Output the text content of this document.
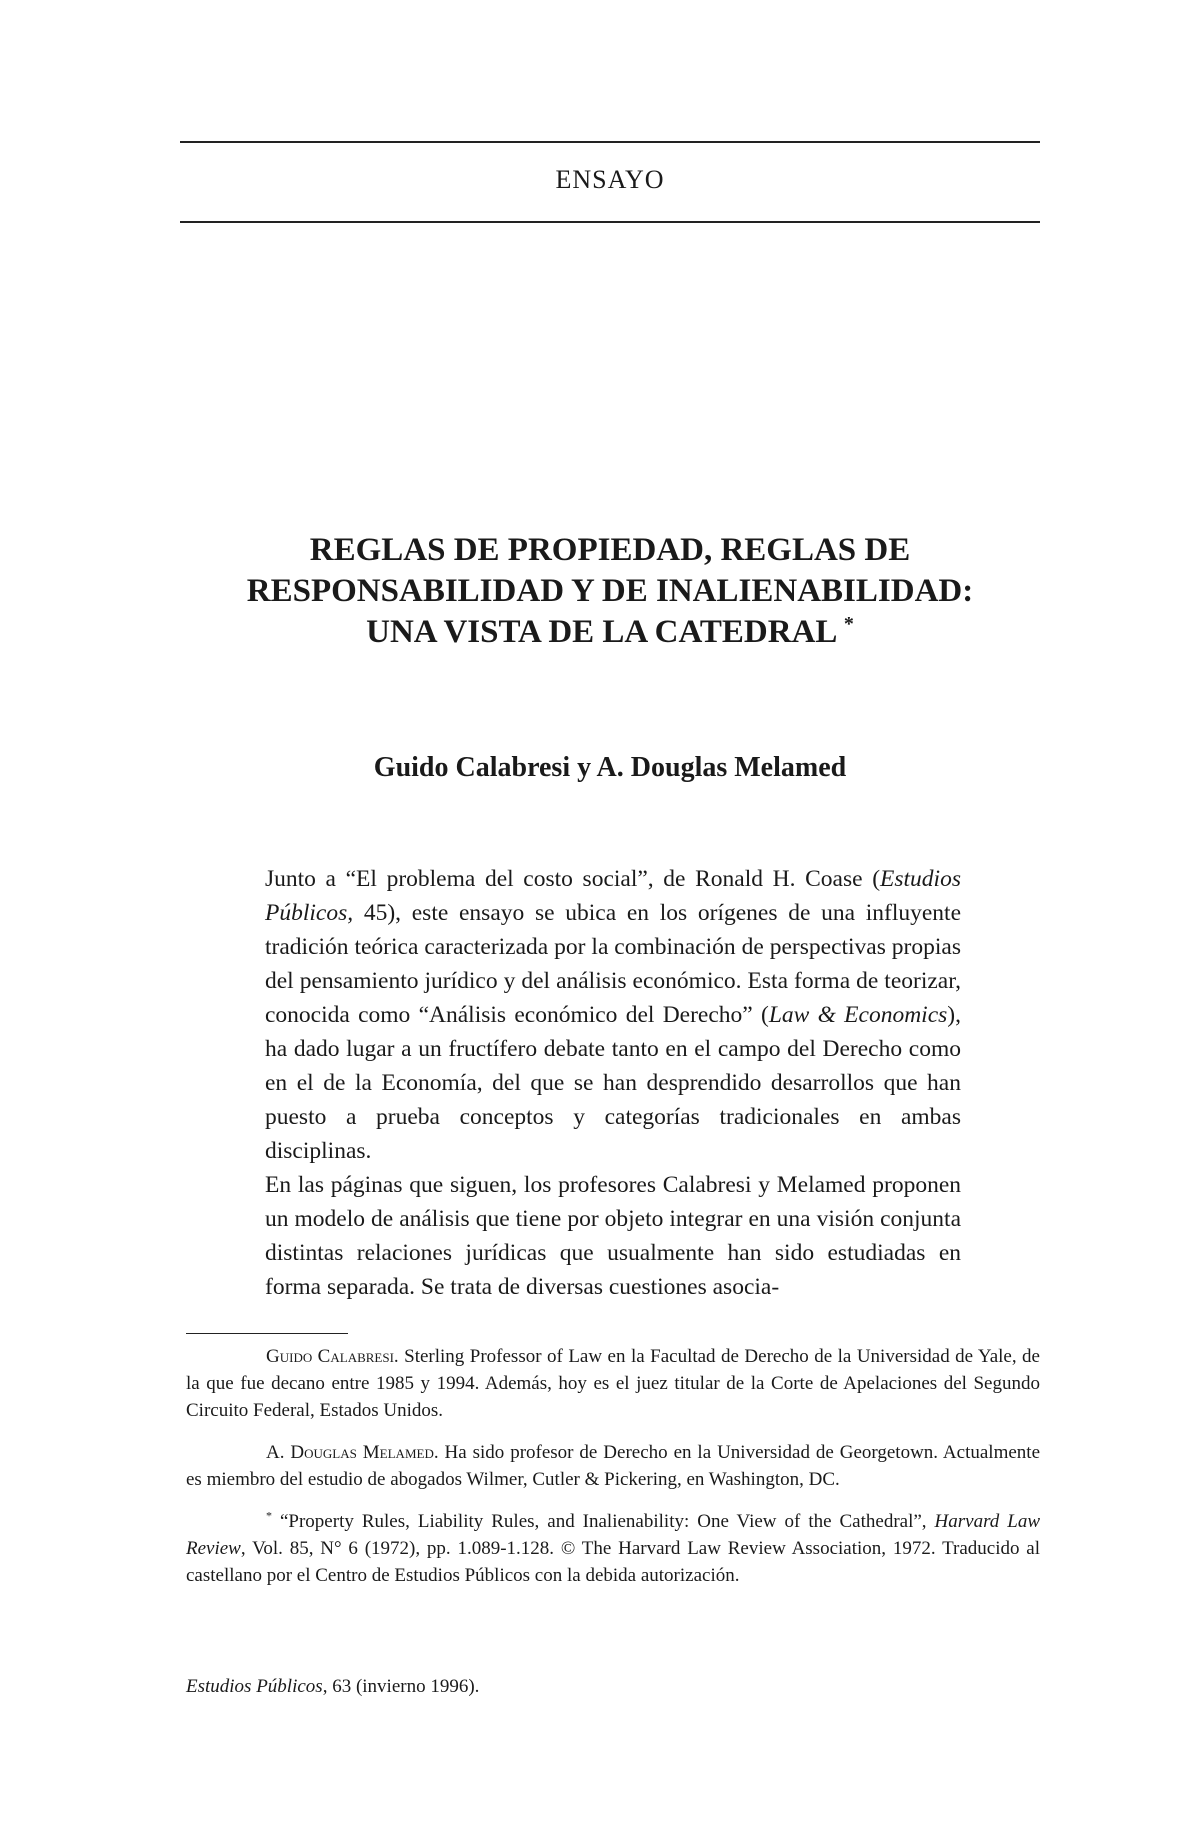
ENSAYO
REGLAS DE PROPIEDAD, REGLAS DE
RESPONSABILIDAD Y DE INALIENABILIDAD:
UNA VISTA DE LA CATEDRAL *
Guido Calabresi y A. Douglas Melamed

Junto a “El problema del costo social”, de Ronald H. Coase (Estudios Públicos, 45), este ensayo se ubica en los orígenes de una influyente tradición teórica caracterizada por la combinación de perspectivas propias del pensamiento jurídico y del análisis económico. Esta forma de teorizar, conocida como “Análisis económico del Derecho” (Law & Economics), ha dado lugar a un fructífero debate tanto en el campo del Derecho como en el de la Economía, del que se han desprendido desarrollos que han puesto a prueba conceptos y categorías tradicionales en ambas disciplinas.

En las páginas que siguen, los profesores Calabresi y Melamed proponen un modelo de análisis que tiene por objeto integrar en una visión conjunta distintas relaciones jurídicas que usualmente han sido estudiadas en forma separada. Se trata de diversas cuestiones asocia-

Guido Calabresi. Sterling Professor of Law en la Facultad de Derecho de la Universidad de Yale, de la que fue decano entre 1985 y 1994. Además, hoy es el juez titular de la Corte de Apelaciones del Segundo Circuito Federal, Estados Unidos.

A. Douglas Melamed. Ha sido profesor de Derecho en la Universidad de Georgetown. Actualmente es miembro del estudio de abogados Wilmer, Cutler & Pickering, en Washington, DC.

* “Property Rules, Liability Rules, and Inalienability: One View of the Cathedral”, Harvard Law Review, Vol. 85, N° 6 (1972), pp. 1.089-1.128. © The Harvard Law Review Association, 1972. Traducido al castellano por el Centro de Estudios Públicos con la debida autorización.

Estudios Públicos, 63 (invierno 1996).
